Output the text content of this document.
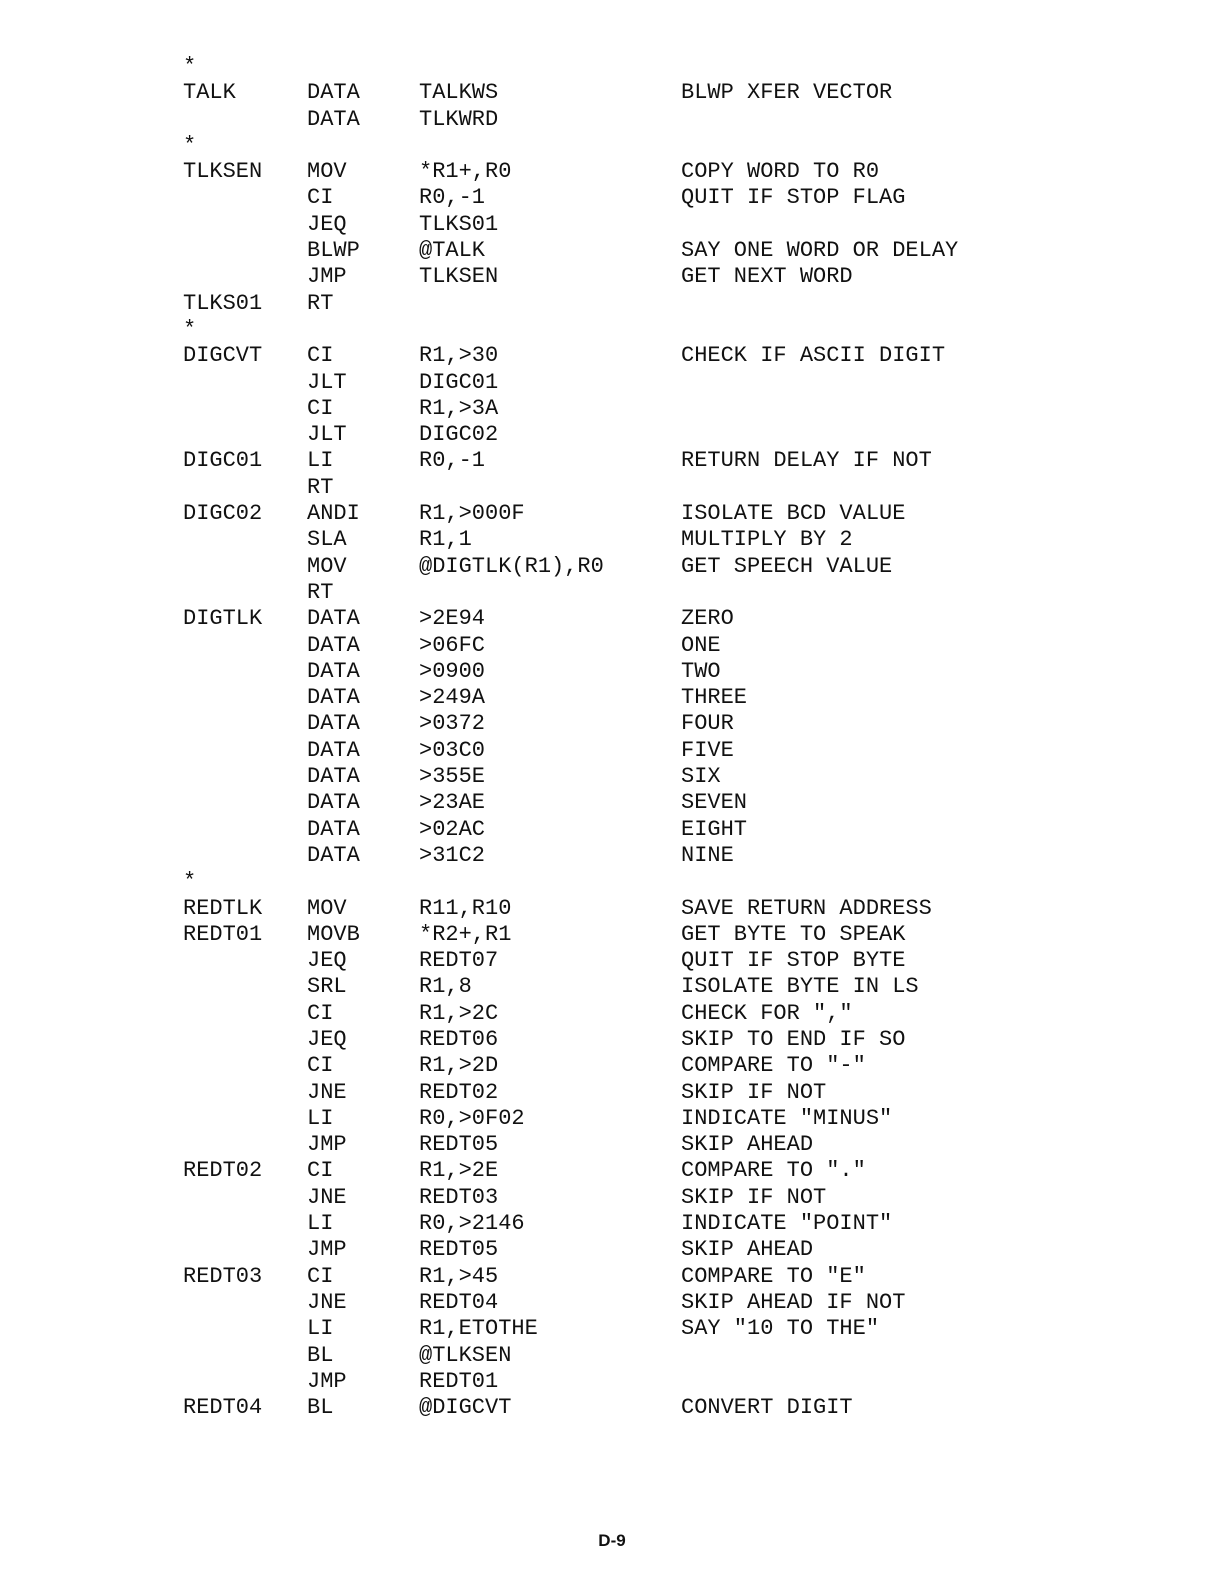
*
TALK	DATA	TALKWS	BLWP XFER VECTOR
DATA	TLKWRD
*
TLKSEN MOV	*R1+,R0	COPY WORD TO R0
CI	R0,-1	QUIT IF STOP FLAG
JEQ	TLKS01
BLWP	@TALK	SAY ONE WORD OR DELAY
JMP	TLKSEN	GET NEXT WORD
TLKS01 RT
*
DIGCVT CI	R1,>30	CHECK IF ASCII DIGIT
JLT	DIGC01
CI	R1,>3A
JLT	DIGC02
DIGC01 LI	R0,-1	RETURN DELAY IF NOT
RT
DIGC02 ANDI	R1,>000F	ISOLATE BCD VALUE
SLA	R1,1	MULTIPLY BY 2
MOV	@DIGTLK(R1),R0	GET SPEECH VALUE
RT
DIGTLK DATA	>2E94	ZERO
DATA	>06FC	ONE
DATA	>0900	TWO
DATA	>249A	THREE
DATA	>0372	FOUR
DATA	>03C0	FIVE
DATA	>355E	SIX
DATA	>23AE	SEVEN
DATA	>02AC	EIGHT
DATA	>31C2	NINE
*
REDTLK MOV	R11,R10	SAVE RETURN ADDRESS
REDT01 MOVB	*R2+,R1	GET BYTE TO SPEAK
JEQ	REDT07	QUIT IF STOP BYTE
SRL	R1,8	ISOLATE BYTE IN LS
CI	R1,>2C	CHECK FOR ","
JEQ	REDT06	SKIP TO END IF SO
CI	R1,>2D	COMPARE TO "-"
JNE	REDT02	SKIP IF NOT
LI	R0,>0F02	INDICATE "MINUS"
JMP	REDT05	SKIP AHEAD
REDT02 CI	R1,>2E	COMPARE TO "."
JNE	REDT03	SKIP IF NOT
LI	R0,>2146	INDICATE "POINT"
JMP	REDT05	SKIP AHEAD
REDT03 CI	R1,>45	COMPARE TO "E"
JNE	REDT04	SKIP AHEAD IF NOT
LI	R1,ETOTHE	SAY "10 TO THE"
BL	@TLKSEN
JMP	REDT01
REDT04 BL	@DIGCVT	CONVERT DIGIT
D-9
